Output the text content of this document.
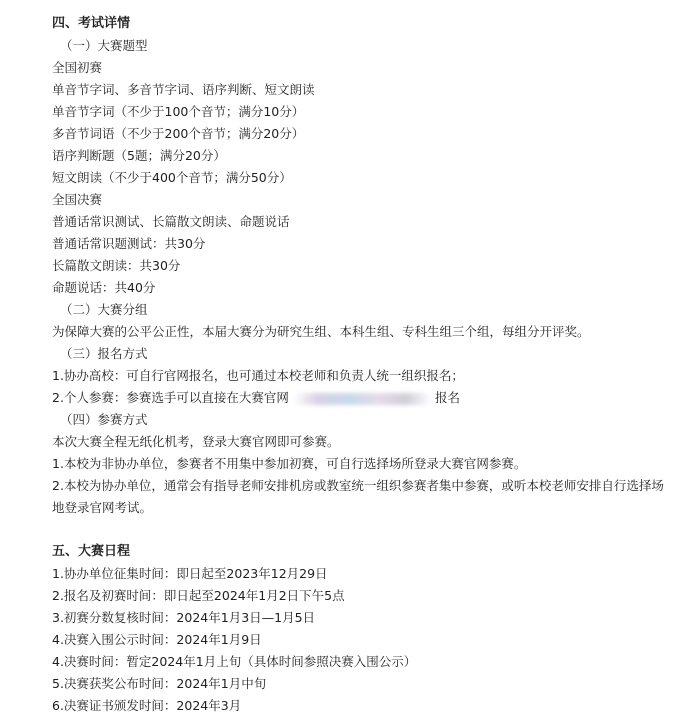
四、考试详情
（一）大赛题型
全国初赛
单音节字词、多音节字词、语序判断、短文朗读
单音节字词（不少于100个音节；满分10分）
多音节词语（不少于200个音节；满分20分）
语序判断题（5题；满分20分）
短文朗读（不少于400个音节；满分50分）
全国决赛
普通话常识测试、长篇散文朗读、命题说话
普通话常识题测试：共30分
长篇散文朗读：共30分
命题说话：共40分
（二）大赛分组
为保障大赛的公平公正性，本届大赛分为研究生组、本科生组、专科生组三个组，每组分开评奖。
（三）报名方式
1.协办高校：可自行官网报名，也可通过本校老师和负责人统一组织报名；
2.个人参赛：参赛选手可以直接在大赛官网	报名
（四）参赛方式
本次大赛全程无纸化机考，登录大赛官网即可参赛。
1.本校为非协办单位，参赛者不用集中参加初赛，可自行选择场所登录大赛官网参赛。
2.本校为协办单位，通常会有指导老师安排机房或教室统一组织参赛者集中参赛，或听本校老师安排自行选择场地登录官网考试。
五、大赛日程
1.协办单位征集时间：即日起至2023年12月29日
2.报名及初赛时间：即日起至2024年1月2日下午5点
3.初赛分数复核时间：2024年1月3日—1月5日
4.决赛入围公示时间：2024年1月9日
4.决赛时间：暂定2024年1月上旬（具体时间参照决赛入围公示）
5.决赛获奖公布时间：2024年1月中旬
6.决赛证书颁发时间：2024年3月
